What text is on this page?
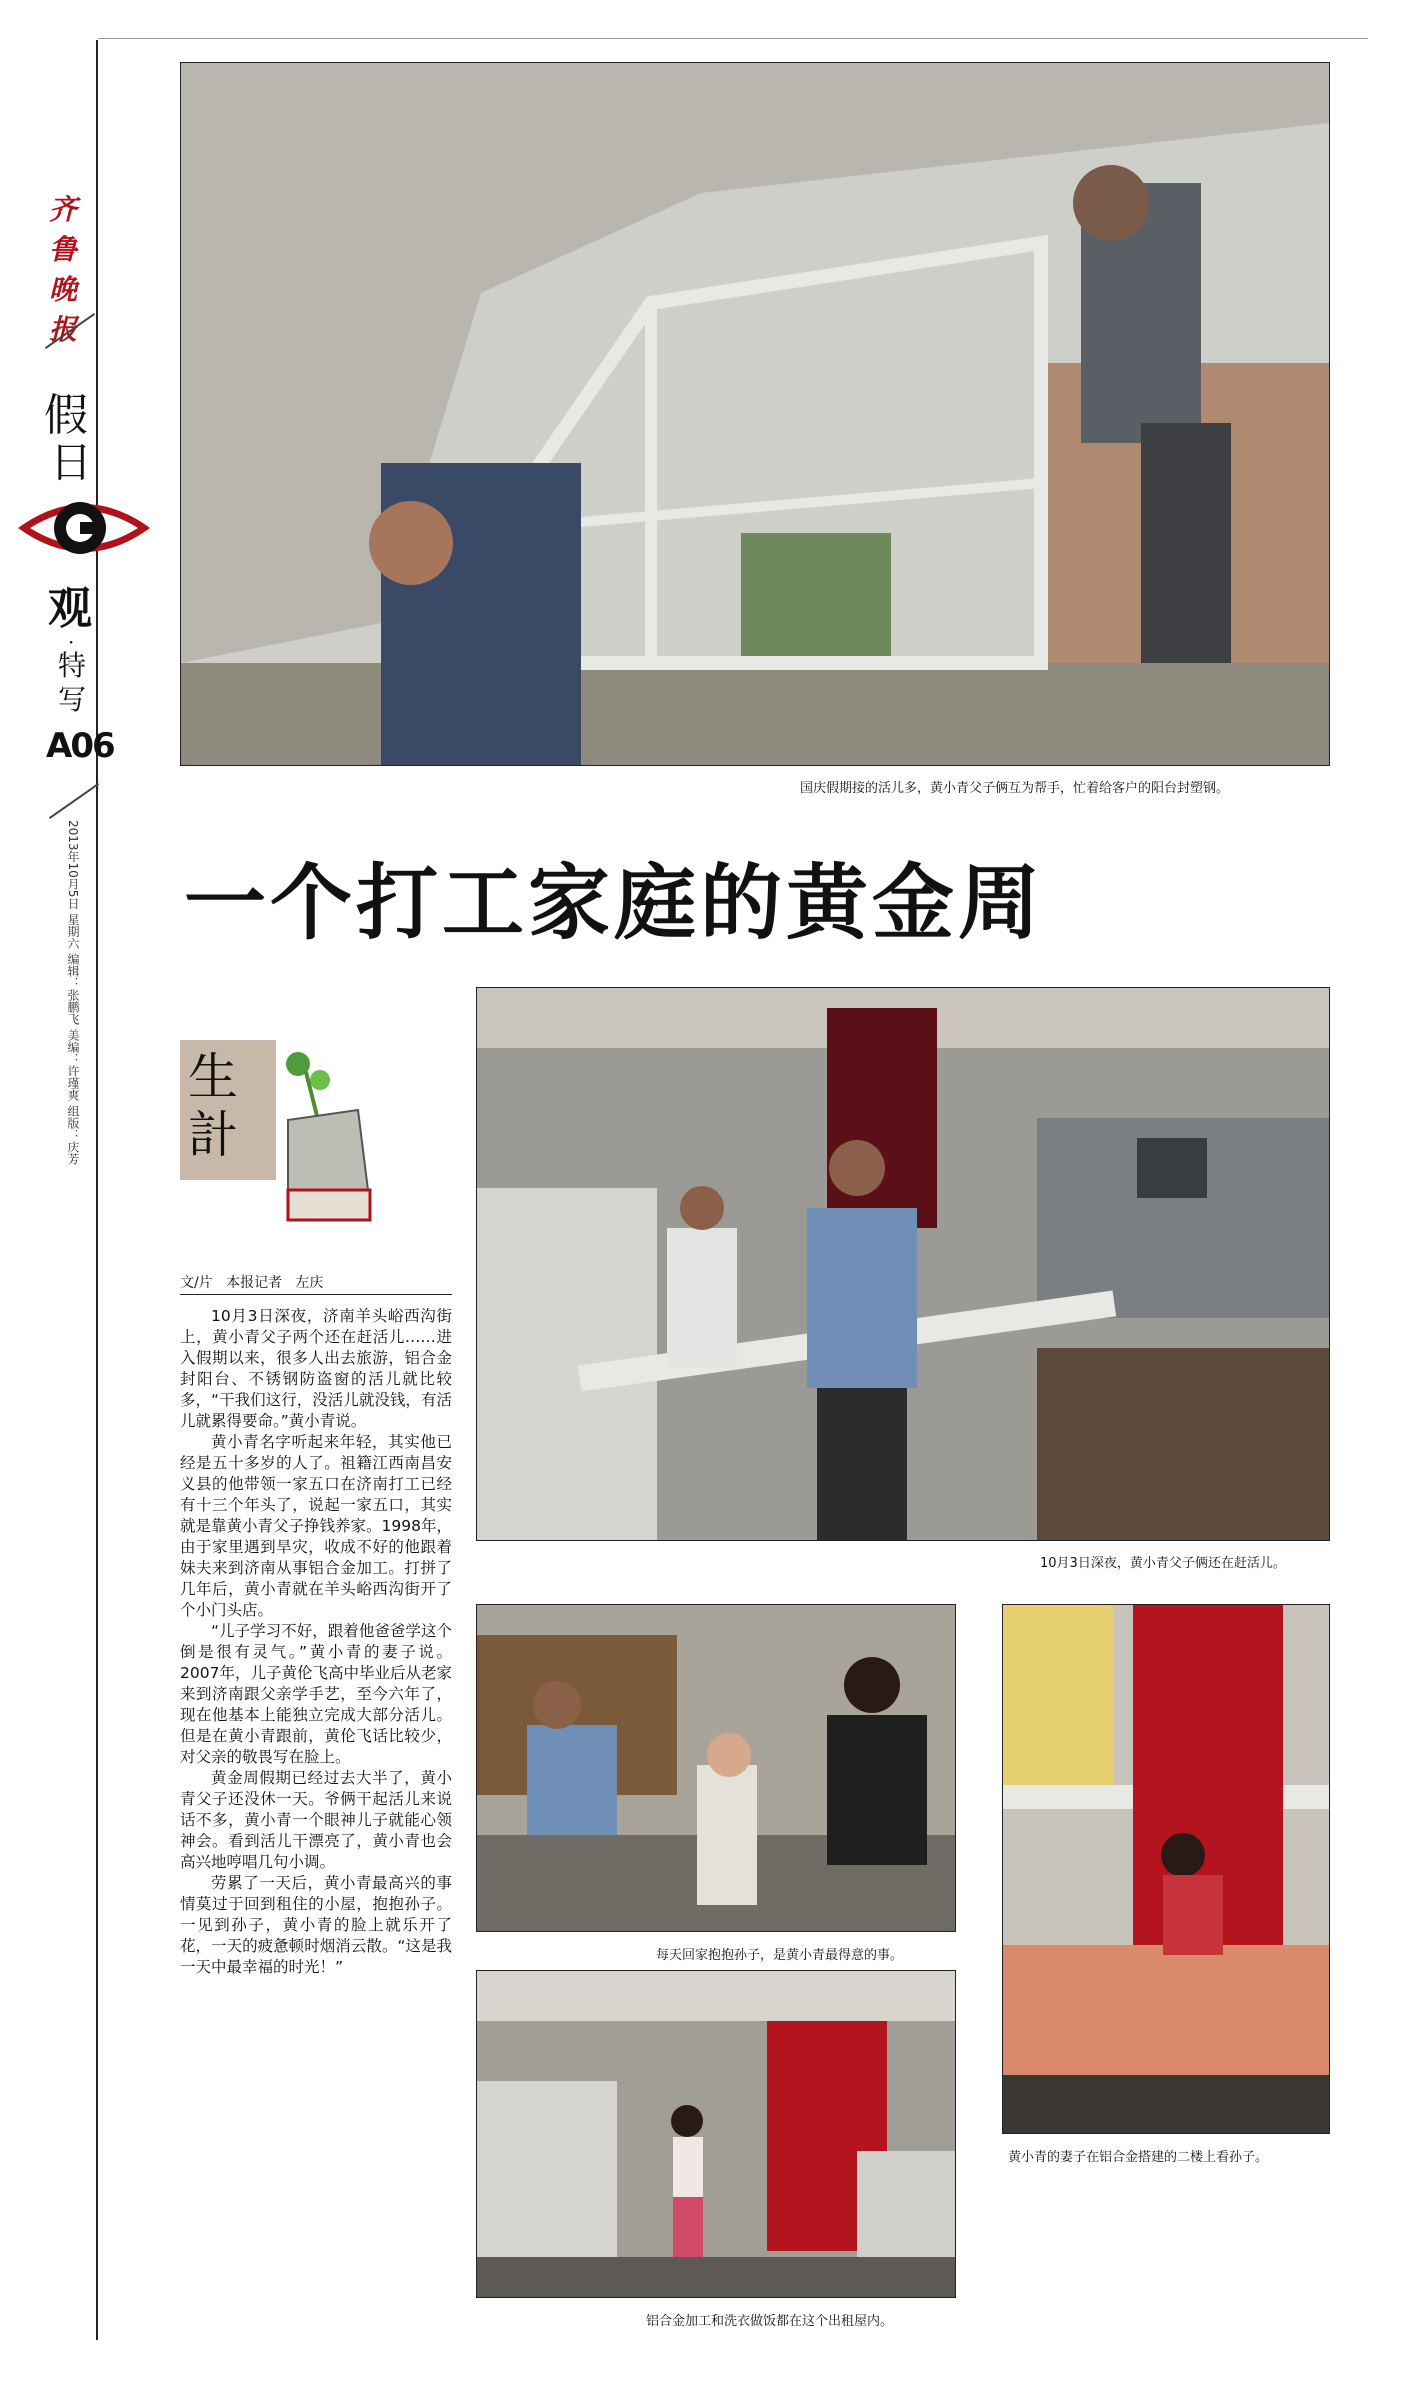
齐鲁晚报
假
日
观
·
特
写
A06
2013年10月5日 星期六 编辑：张鹏飞 美编：许瑾爽 组版：庆芳
国庆假期接的活儿多，黄小青父子俩互为帮手，忙着给客户的阳台封塑钢。
一个打工家庭的黄金周
生計
文/片   本报记者   左庆

10月3日深夜，济南羊头峪西沟街上，黄小青父子两个还在赶活儿……进入假期以来，很多人出去旅游，铝合金封阳台、不锈钢防盗窗的活儿就比较多，“干我们这行，没活儿就没钱，有活儿就累得要命。”黄小青说。

黄小青名字听起来年轻，其实他已经是五十多岁的人了。祖籍江西南昌安义县的他带领一家五口在济南打工已经有十三个年头了，说起一家五口，其实就是靠黄小青父子挣钱养家。1998年，由于家里遇到旱灾，收成不好的他跟着妹夫来到济南从事铝合金加工。打拼了几年后，黄小青就在羊头峪西沟街开了个小门头店。

“儿子学习不好，跟着他爸爸学这个倒是很有灵气。”黄小青的妻子说。2007年，儿子黄伦飞高中毕业后从老家来到济南跟父亲学手艺，至今六年了，现在他基本上能独立完成大部分活儿。但是在黄小青跟前，黄伦飞话比较少，对父亲的敬畏写在脸上。

黄金周假期已经过去大半了，黄小青父子还没休一天。爷俩干起活儿来说话不多，黄小青一个眼神儿子就能心领神会。看到活儿干漂亮了，黄小青也会高兴地哼唱几句小调。

劳累了一天后，黄小青最高兴的事情莫过于回到租住的小屋，抱抱孙子。一见到孙子，黄小青的脸上就乐开了花，一天的疲惫顿时烟消云散。“这是我一天中最幸福的时光！”

10月3日深夜，黄小青父子俩还在赶活儿。
每天回家抱抱孙子，是黄小青最得意的事。
黄小青的妻子在铝合金搭建的二楼上看孙子。
铝合金加工和洗衣做饭都在这个出租屋内。
